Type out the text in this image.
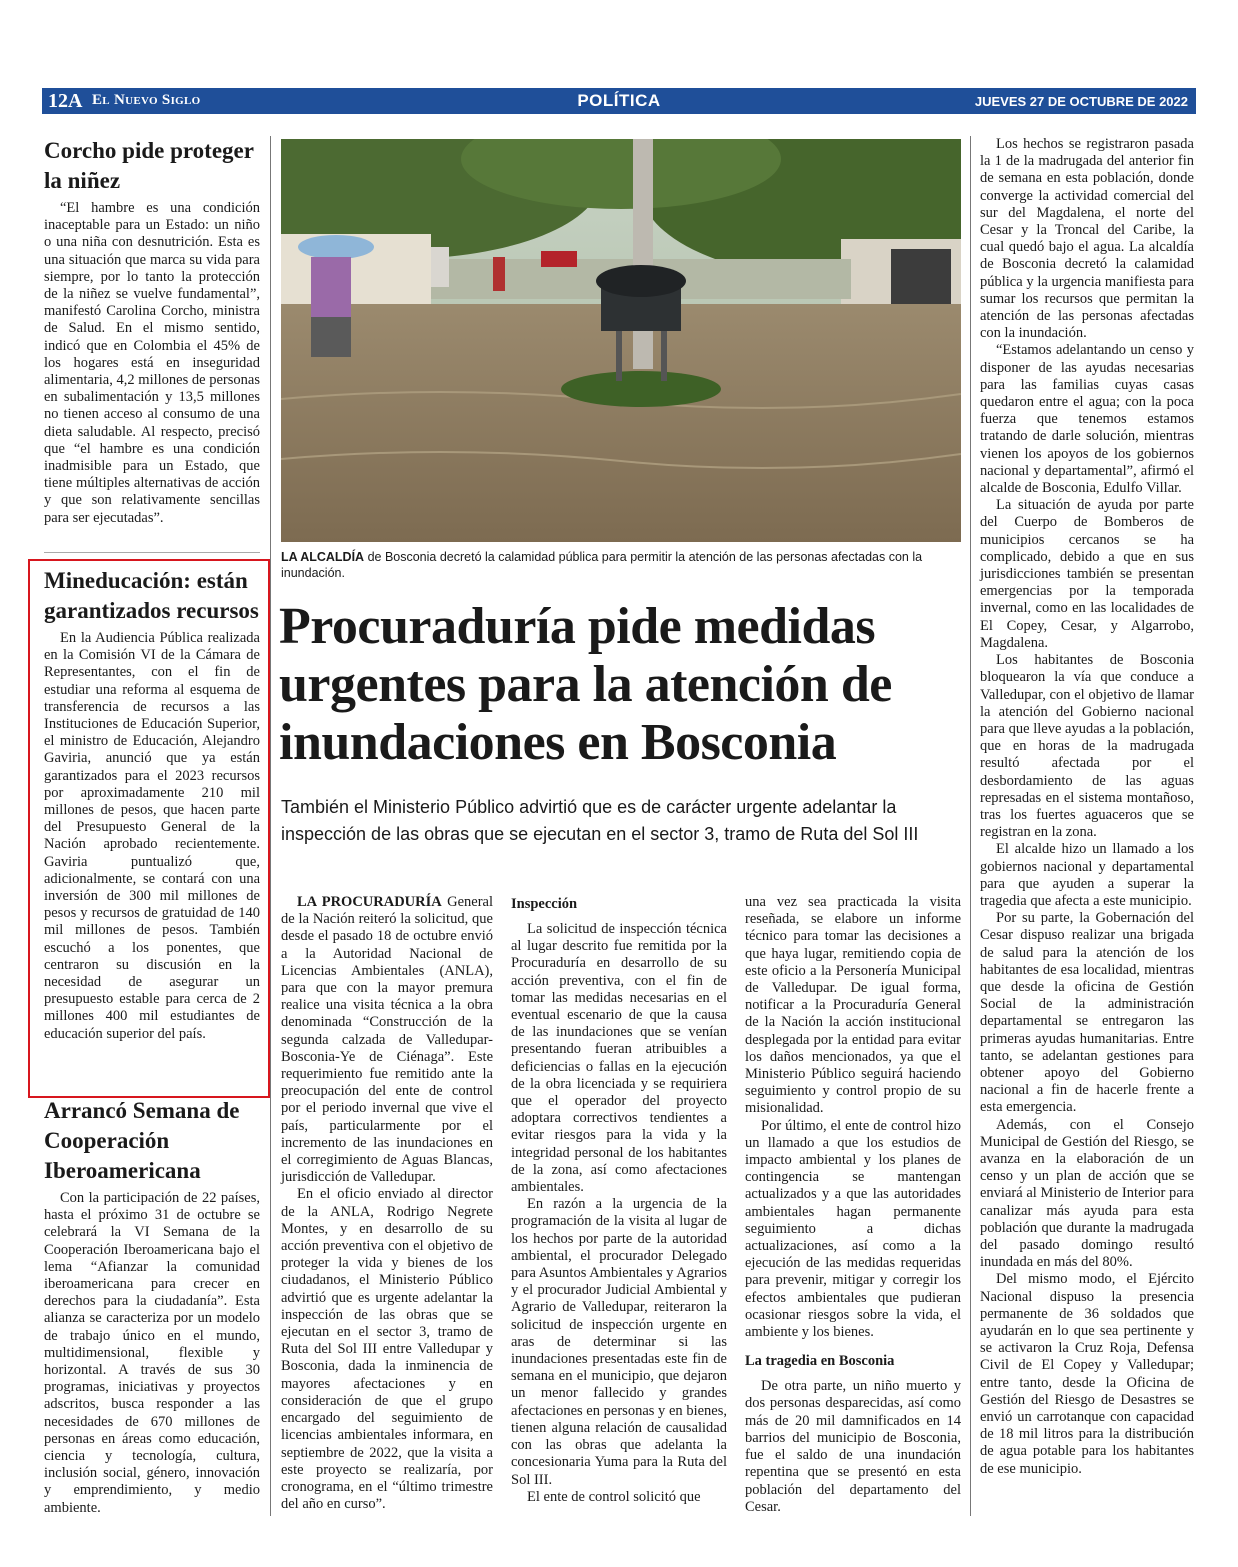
12A El Nuevo Siglo	POLÍTICA	JUEVES 27 DE OCTUBRE DE 2022
Corcho pide proteger la niñez

“El hambre es una condición inaceptable para un Estado: un niño o una niña con desnutrición. Esta es una situación que marca su vida para siempre, por lo tanto la protección de la niñez se vuelve fundamental”, manifestó Carolina Corcho, ministra de Salud. En el mismo sentido, indicó que en Colombia el 45% de los hogares está en inseguridad alimentaria, 4,2 millones de personas en subalimentación y 13,5 millones no tienen acceso al consumo de una dieta saludable. Al respecto, precisó que “el hambre es una condición inadmisible para un Estado, que tiene múltiples alternativas de acción y que son relativamente sencillas para ser ejecutadas”.

Mineducación: están garantizados recursos

En la Audiencia Pública realizada en la Comisión VI de la Cámara de Representantes, con el fin de estudiar una reforma al esquema de transferencia de recursos a las Instituciones de Educación Superior, el ministro de Educación, Alejandro Gaviria, anunció que ya están garantizados para el 2023 recursos por aproximadamente 210 mil millones de pesos, que hacen parte del Presupuesto General de la Nación aprobado recientemente. Gaviria puntualizó que, adicionalmente, se contará con una inversión de 300 mil millones de pesos y recursos de gratuidad de 140 mil millones de pesos. También escuchó a los ponentes, que centraron su discusión en la necesidad de asegurar un presupuesto estable para cerca de 2 millones 400 mil estudiantes de educación superior del país.

Arrancó Semana de Cooperación Iberoamericana

Con la participación de 22 países, hasta el próximo 31 de octubre se celebrará la VI Semana de la Cooperación Iberoamericana bajo el lema “Afianzar la comunidad iberoamericana para crecer en derechos para la ciudadanía”. Esta alianza se caracteriza por un modelo de trabajo único en el mundo, multidimensional, flexible y horizontal. A través de sus 30 programas, iniciativas y proyectos adscritos, busca responder a las necesidades de 670 millones de personas en áreas como educación, ciencia y tecnología, cultura, inclusión social, género, innovación y emprendimiento, y medio ambiente.

LA ALCALDÍA de Bosconia decretó la calamidad pública para permitir la atención de las personas afectadas con la inundación.
Procuraduría pide medidas urgentes para la atención de inundaciones en Bosconia

También el Ministerio Público advirtió que es de carácter urgente adelantar la inspección de las obras que se ejecutan en el sector 3, tramo de Ruta del Sol III

LA PROCURADURÍA General de la Nación reiteró la solicitud, que desde el pasado 18 de octubre envió a la Autoridad Nacional de Licencias Ambientales (ANLA), para que con la mayor premura realice una visita técnica a la obra denominada “Construcción de la segunda calzada de Valledupar-Bosconia-Ye de Ciénaga”. Este requerimiento fue remitido ante la preocupación del ente de control por el periodo invernal que vive el país, particularmente por el incremento de las inundaciones en el corregimiento de Aguas Blancas, jurisdicción de Valledupar.

En el oficio enviado al director de la ANLA, Rodrigo Negrete Montes, y en desarrollo de su acción preventiva con el objetivo de proteger la vida y bienes de los ciudadanos, el Ministerio Público advirtió que es urgente adelantar la inspección de las obras que se ejecutan en el sector 3, tramo de Ruta del Sol III entre Valledupar y Bosconia, dada la inminencia de mayores afectaciones y en consideración de que el grupo encargado del seguimiento de licencias ambientales informara, en septiembre de 2022, que la visita a este proyecto se realizaría, por cronograma, en el “último trimestre del año en curso”.

Inspección

La solicitud de inspección técnica al lugar descrito fue remitida por la Procuraduría en desarrollo de su acción preventiva, con el fin de tomar las medidas necesarias en el eventual escenario de que la causa de las inundaciones que se venían presentando fueran atribuibles a deficiencias o fallas en la ejecución de la obra licenciada y se requiriera que el operador del proyecto adoptara correctivos tendientes a evitar riesgos para la vida y la integridad personal de los habitantes de la zona, así como afectaciones ambientales.

En razón a la urgencia de la programación de la visita al lugar de los hechos por parte de la autoridad ambiental, el procurador Delegado para Asuntos Ambientales y Agrarios y el procurador Judicial Ambiental y Agrario de Valledupar, reiteraron la solicitud de inspección urgente en aras de determinar si las inundaciones presentadas este fin de semana en el municipio, que dejaron un menor fallecido y grandes afectaciones en personas y en bienes, tienen alguna relación de causalidad con las obras que adelanta la concesionaria Yuma para la Ruta del Sol III.

El ente de control solicitó que

una vez sea practicada la visita reseñada, se elabore un informe técnico para tomar las decisiones a que haya lugar, remitiendo copia de este oficio a la Personería Municipal de Valledupar. De igual forma, notificar a la Procuraduría General de la Nación la acción institucional desplegada por la entidad para evitar los daños mencionados, ya que el Ministerio Público seguirá haciendo seguimiento y control propio de su misionalidad.

Por último, el ente de control hizo un llamado a que los estudios de impacto ambiental y los planes de contingencia se mantengan actualizados y a que las autoridades ambientales hagan permanente seguimiento a dichas actualizaciones, así como a la ejecución de las medidas requeridas para prevenir, mitigar y corregir los efectos ambientales que pudieran ocasionar riesgos sobre la vida, el ambiente y los bienes.

La tragedia en Bosconia

De otra parte, un niño muerto y dos personas desparecidas, así como más de 20 mil damnificados en 14 barrios del municipio de Bosconia, fue el saldo de una inundación repentina que se presentó en esta población del departamento del Cesar.

Los hechos se registraron pasada la 1 de la madrugada del anterior fin de semana en esta población, donde converge la actividad comercial del sur del Magdalena, el norte del Cesar y la Troncal del Caribe, la cual quedó bajo el agua. La alcaldía de Bosconia decretó la calamidad pública y la urgencia manifiesta para sumar los recursos que permitan la atención de las personas afectadas con la inundación.

“Estamos adelantando un censo y disponer de las ayudas necesarias para las familias cuyas casas quedaron entre el agua; con la poca fuerza que tenemos estamos tratando de darle solución, mientras vienen los apoyos de los gobiernos nacional y departamental”, afirmó el alcalde de Bosconia, Edulfo Villar.

La situación de ayuda por parte del Cuerpo de Bomberos de municipios cercanos se ha complicado, debido a que en sus jurisdicciones también se presentan emergencias por la temporada invernal, como en las localidades de El Copey, Cesar, y Algarrobo, Magdalena.

Los habitantes de Bosconia bloquearon la vía que conduce a Valledupar, con el objetivo de llamar la atención del Gobierno nacional para que lleve ayudas a la población, que en horas de la madrugada resultó afectada por el desbordamiento de las aguas represadas en el sistema montañoso, tras los fuertes aguaceros que se registran en la zona.

El alcalde hizo un llamado a los gobiernos nacional y departamental para que ayuden a superar la tragedia que afecta a este municipio.

Por su parte, la Gobernación del Cesar dispuso realizar una brigada de salud para la atención de los habitantes de esa localidad, mientras que desde la oficina de Gestión Social de la administración departamental se entregaron las primeras ayudas humanitarias. Entre tanto, se adelantan gestiones para obtener apoyo del Gobierno nacional a fin de hacerle frente a esta emergencia.

Además, con el Consejo Municipal de Gestión del Riesgo, se avanza en la elaboración de un censo y un plan de acción que se enviará al Ministerio de Interior para canalizar más ayuda para esta población que durante la madrugada del pasado domingo resultó inundada en más del 80%.

Del mismo modo, el Ejército Nacional dispuso la presencia permanente de 36 soldados que ayudarán en lo que sea pertinente y se activaron la Cruz Roja, Defensa Civil de El Copey y Valledupar; entre tanto, desde la Oficina de Gestión del Riesgo de Desastres se envió un carrotanque con capacidad de 18 mil litros para la distribución de agua potable para los habitantes de ese municipio.
